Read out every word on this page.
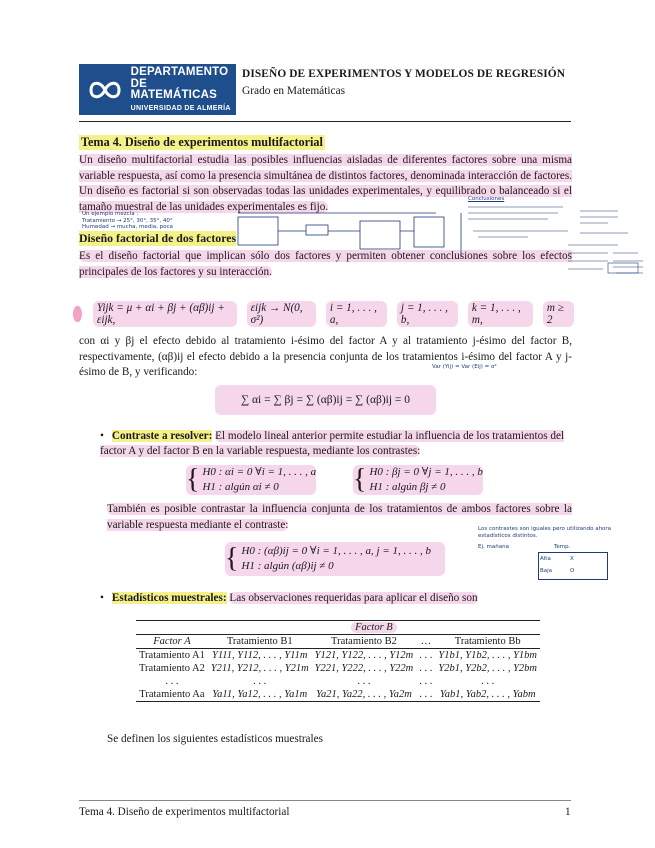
DEPARTAMENTO
DE MATEMÁTICAS
UNIVERSIDAD DE ALMERÍA
DISEÑO DE EXPERIMENTOS Y MODELOS DE REGRESIÓN
Grado en Matemáticas
Tema 4. Diseño de experimentos multifactorial
Un diseño multifactorial estudia las posibles influencias aisladas de diferentes factores sobre una misma variable respuesta, así como la presencia simultánea de distintos factores, denominada interacción de factores. Un diseño es factorial si son observadas todas las unidades experimentales, y equilibrado o balanceado si el tamaño muestral de las unidades experimentales es fijo.
Diseño factorial de dos factores
Es el diseño factorial que implican sólo dos factores y permiten obtener conclusiones sobre los efectos principales de los factores y su interacción.
Yijk = μ + αi + βj + (αβ)ij + εijk,
εijk → N(0, σ²)
i = 1, . . . , a,
j = 1, . . . , b,
k = 1, . . . , m,
m ≥ 2
con αi y βj el efecto debido al tratamiento i-ésimo del factor A y al tratamiento j-ésimo del factor B, respectivamente, (αβ)ij el efecto debido a la presencia conjunta de los tratamientos i-ésimo del factor A y j-ésimo de B, y verificando:
∑ αi = ∑ βj = ∑ (αβ)ij = ∑ (αβ)ij = 0
• Contraste a resolver: El modelo lineal anterior permite estudiar la influencia de los tratamientos del factor A y del factor B en la variable respuesta, mediante los contrastes:
{ H0 : αi = 0 ∀i = 1, . . . , a
H1 : algún αi ≠ 0	{ H0 : βj = 0 ∀j = 1, . . . , b
H1 : algún βj ≠ 0
También es posible contrastar la influencia conjunta de los tratamientos de ambos factores sobre la variable respuesta mediante el contraste:
{ H0 : (αβ)ij = 0 ∀i = 1, . . . , a, j = 1, . . . , b
H1 : algún (αβ)ij ≠ 0
• Estadísticos muestrales: Las observaciones requeridas para aplicar el diseño son
	Factor B			
Factor A	Tratamiento B1	Tratamiento B2	…	Tratamiento Bb
Tratamiento A1	Y111, Y112, . . . , Y11m	Y121, Y122, . . . , Y12m	. . .	Y1b1, Y1b2, . . . , Y1bm
Tratamiento A2	Y211, Y212, . . . , Y21m	Y221, Y222, . . . , Y22m	. . .	Y2b1, Y2b2, . . . , Y2bm
. . .	. . .	. . .	. . .	. . .
Tratamiento Aa	Ya11, Ya12, . . . , Ya1m	Ya21, Ya22, . . . , Ya2m	. . .	Yab1, Yab2, . . . , Yabm
Se definen los siguientes estadísticos muestrales
Tema 4. Diseño de experimentos multifactorial	1
Un ejemplo mezcla :
Tratamiento → 25°, 30°, 35°, 40°
Humedad → mucha, media, poca
Conclusiones
Var (Yij) = Var (Eij) = σ²
Los contrastes son iguales pero utilizando ahora estadísticos distintos.
Ej. mañana	Temp.
Alta
Baja
X
O
